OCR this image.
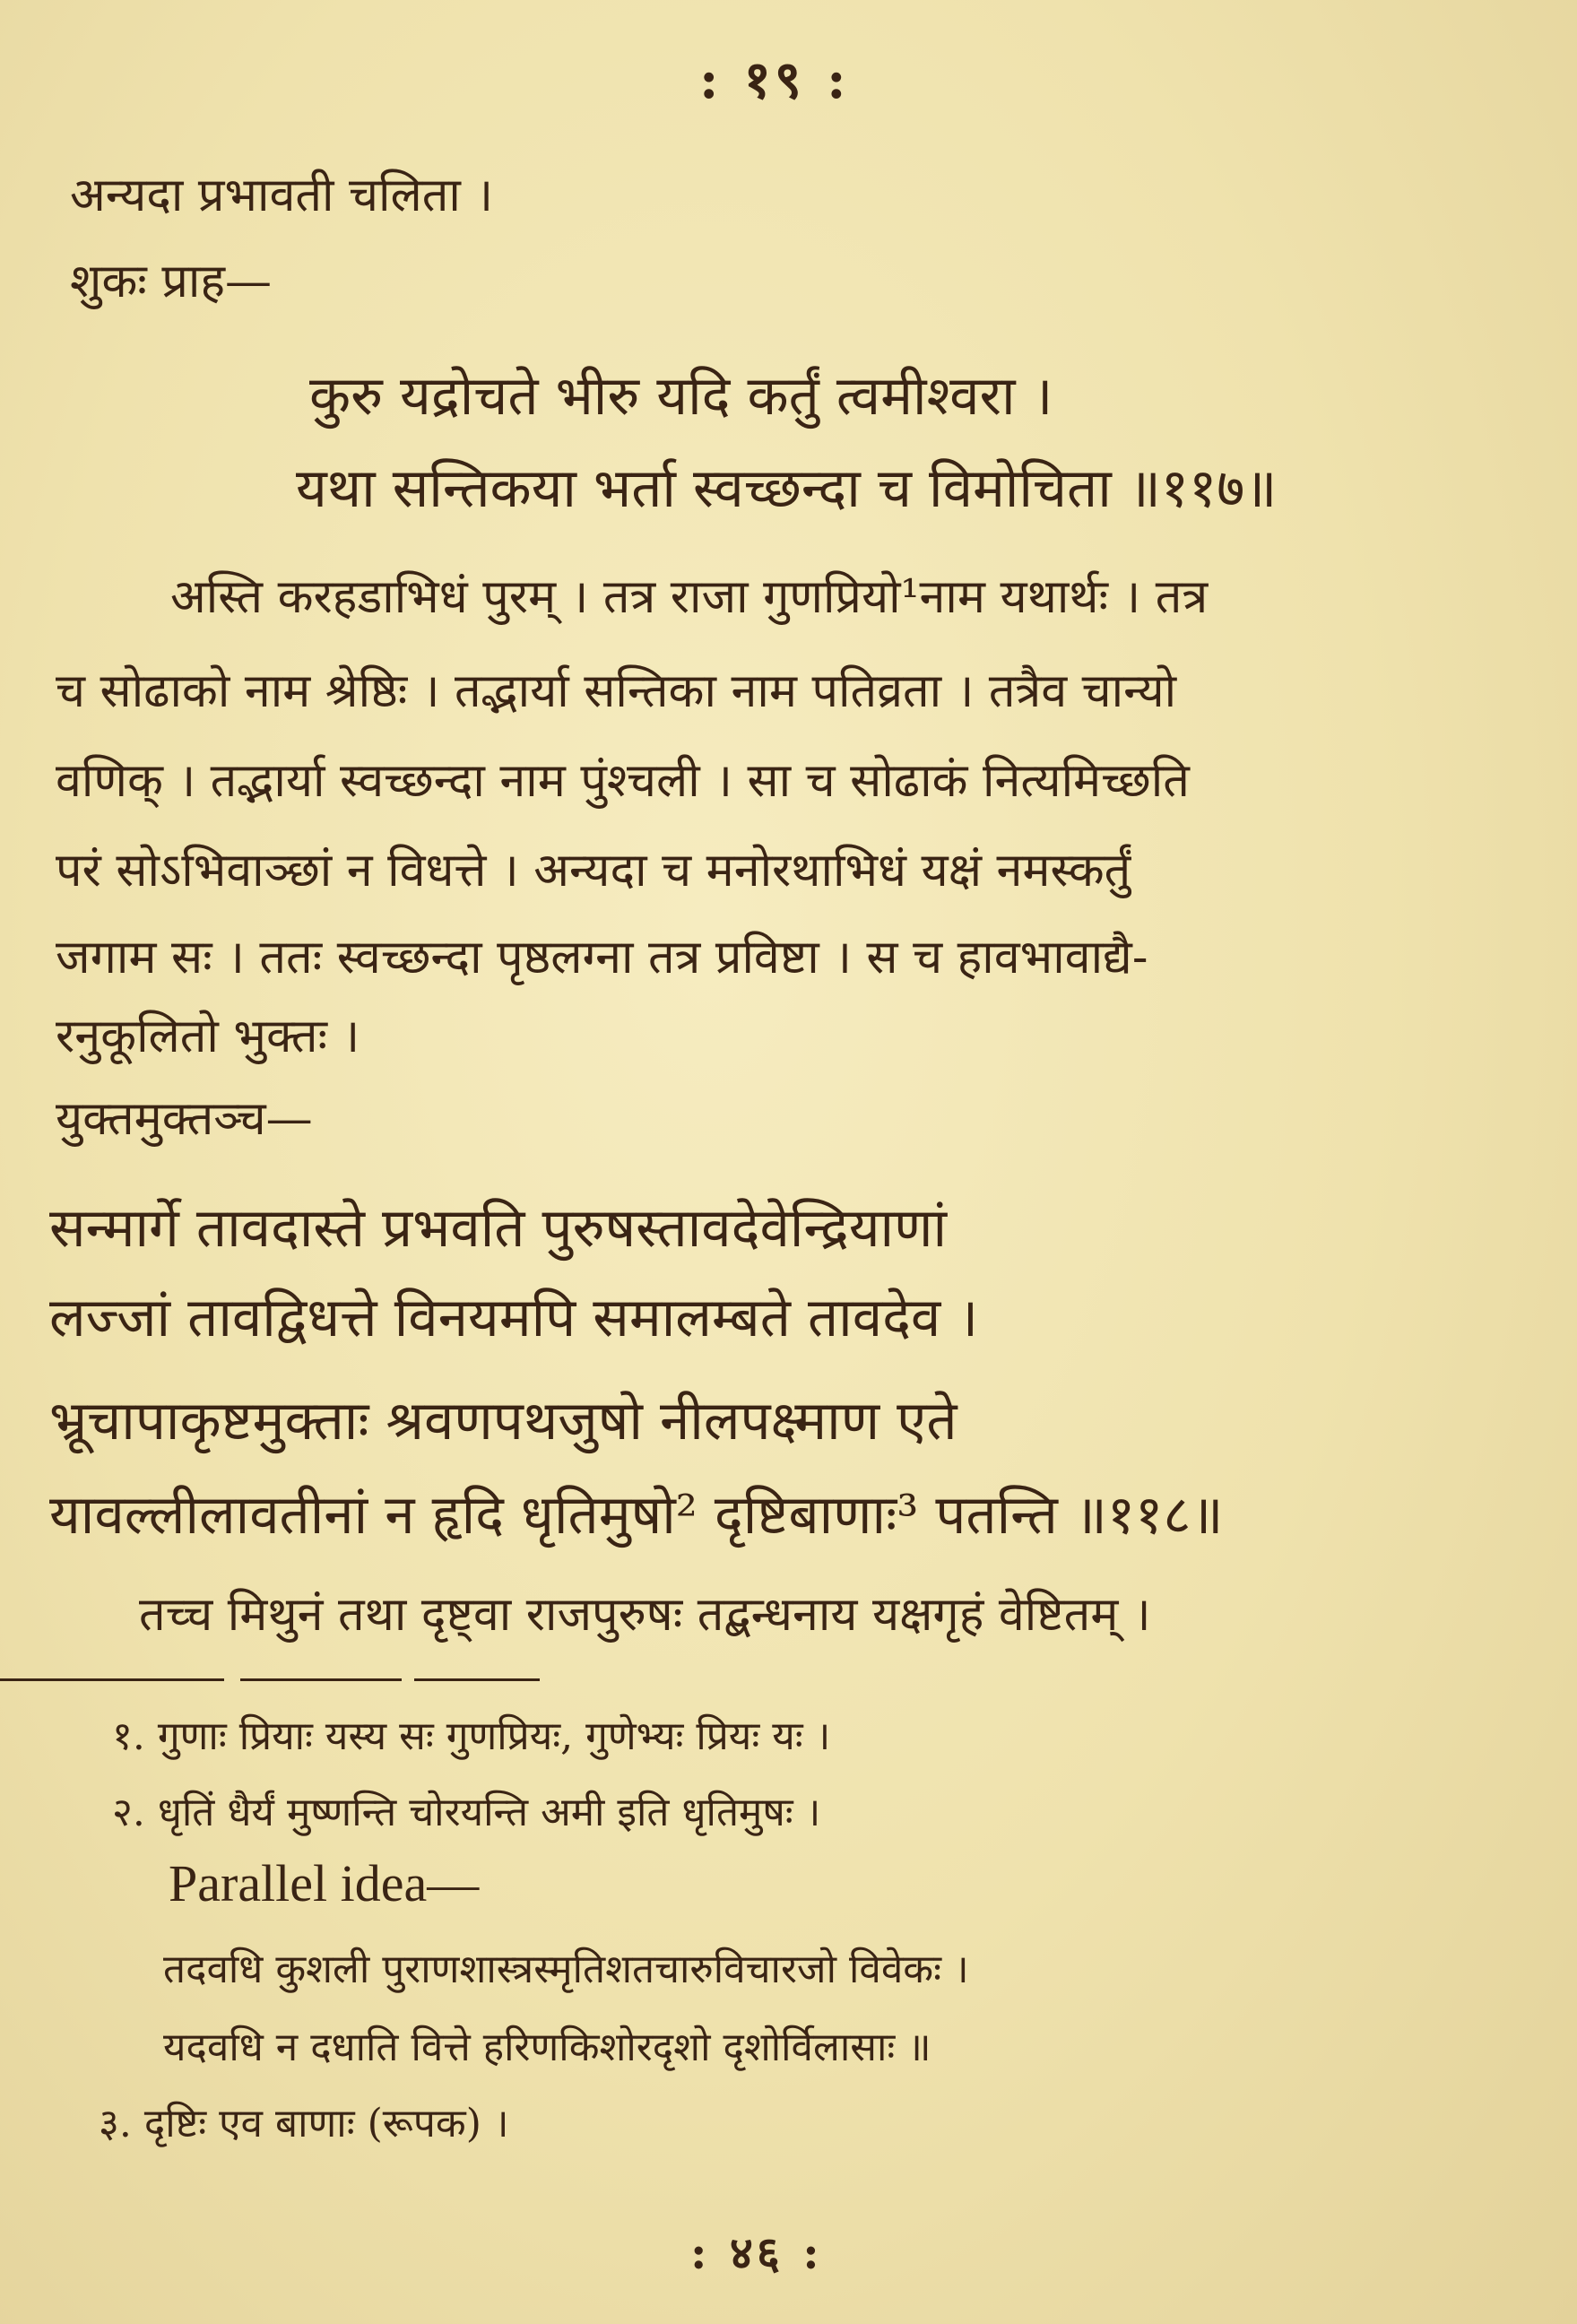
: १९ :
अन्यदा प्रभावती चलिता ।
शुकः प्राह—
कुरु यद्रोचते भीरु यदि कर्तुं त्वमीश्वरा ।
यथा सन्तिकया भर्ता स्वच्छन्दा च विमोचिता ॥११७॥
अस्ति करहडाभिधं पुरम् । तत्र राजा गुणप्रियो¹नाम यथार्थः । तत्र
च सोढाको नाम श्रेष्ठिः । तद्भार्या सन्तिका नाम पतिव्रता । तत्रैव चान्यो
वणिक् । तद्भार्या स्वच्छन्दा नाम पुंश्चली । सा च सोढाकं नित्यमिच्छति
परं सोऽभिवाञ्छां न विधत्ते । अन्यदा च मनोरथाभिधं यक्षं नमस्कर्तुं
जगाम सः । ततः स्वच्छन्दा पृष्ठलग्ना तत्र प्रविष्टा । स च हावभावाद्यै-
रनुकूलितो भुक्तः ।
युक्तमुक्तञ्च—
सन्मार्गे तावदास्ते प्रभवति पुरुषस्तावदेवेन्द्रियाणां
लज्जां तावद्विधत्ते विनयमपि समालम्बते तावदेव ।
भ्रूचापाकृष्टमुक्ताः श्रवणपथजुषो नीलपक्ष्माण एते
यावल्लीलावतीनां न हृदि धृतिमुषो² दृष्टिबाणाः³ पतन्ति ॥११८॥
तच्च मिथुनं तथा दृष्ट्वा राजपुरुषः तद्बन्धनाय यक्षगृहं वेष्टितम् ।
१. गुणाः प्रियाः यस्य सः गुणप्रियः, गुणेभ्यः प्रियः यः ।
२. धृतिं धैर्यं मुष्णन्ति चोरयन्ति अमी इति धृतिमुषः ।
Parallel idea—
तदवधि कुशली पुराणशास्त्रस्मृतिशतचारुविचारजो विवेकः ।
यदवधि न दधाति वित्ते हरिणकिशोरदृशो दृशोर्विलासाः ॥
३. दृष्टिः एव बाणाः (रूपक) ।
: ४६ :
